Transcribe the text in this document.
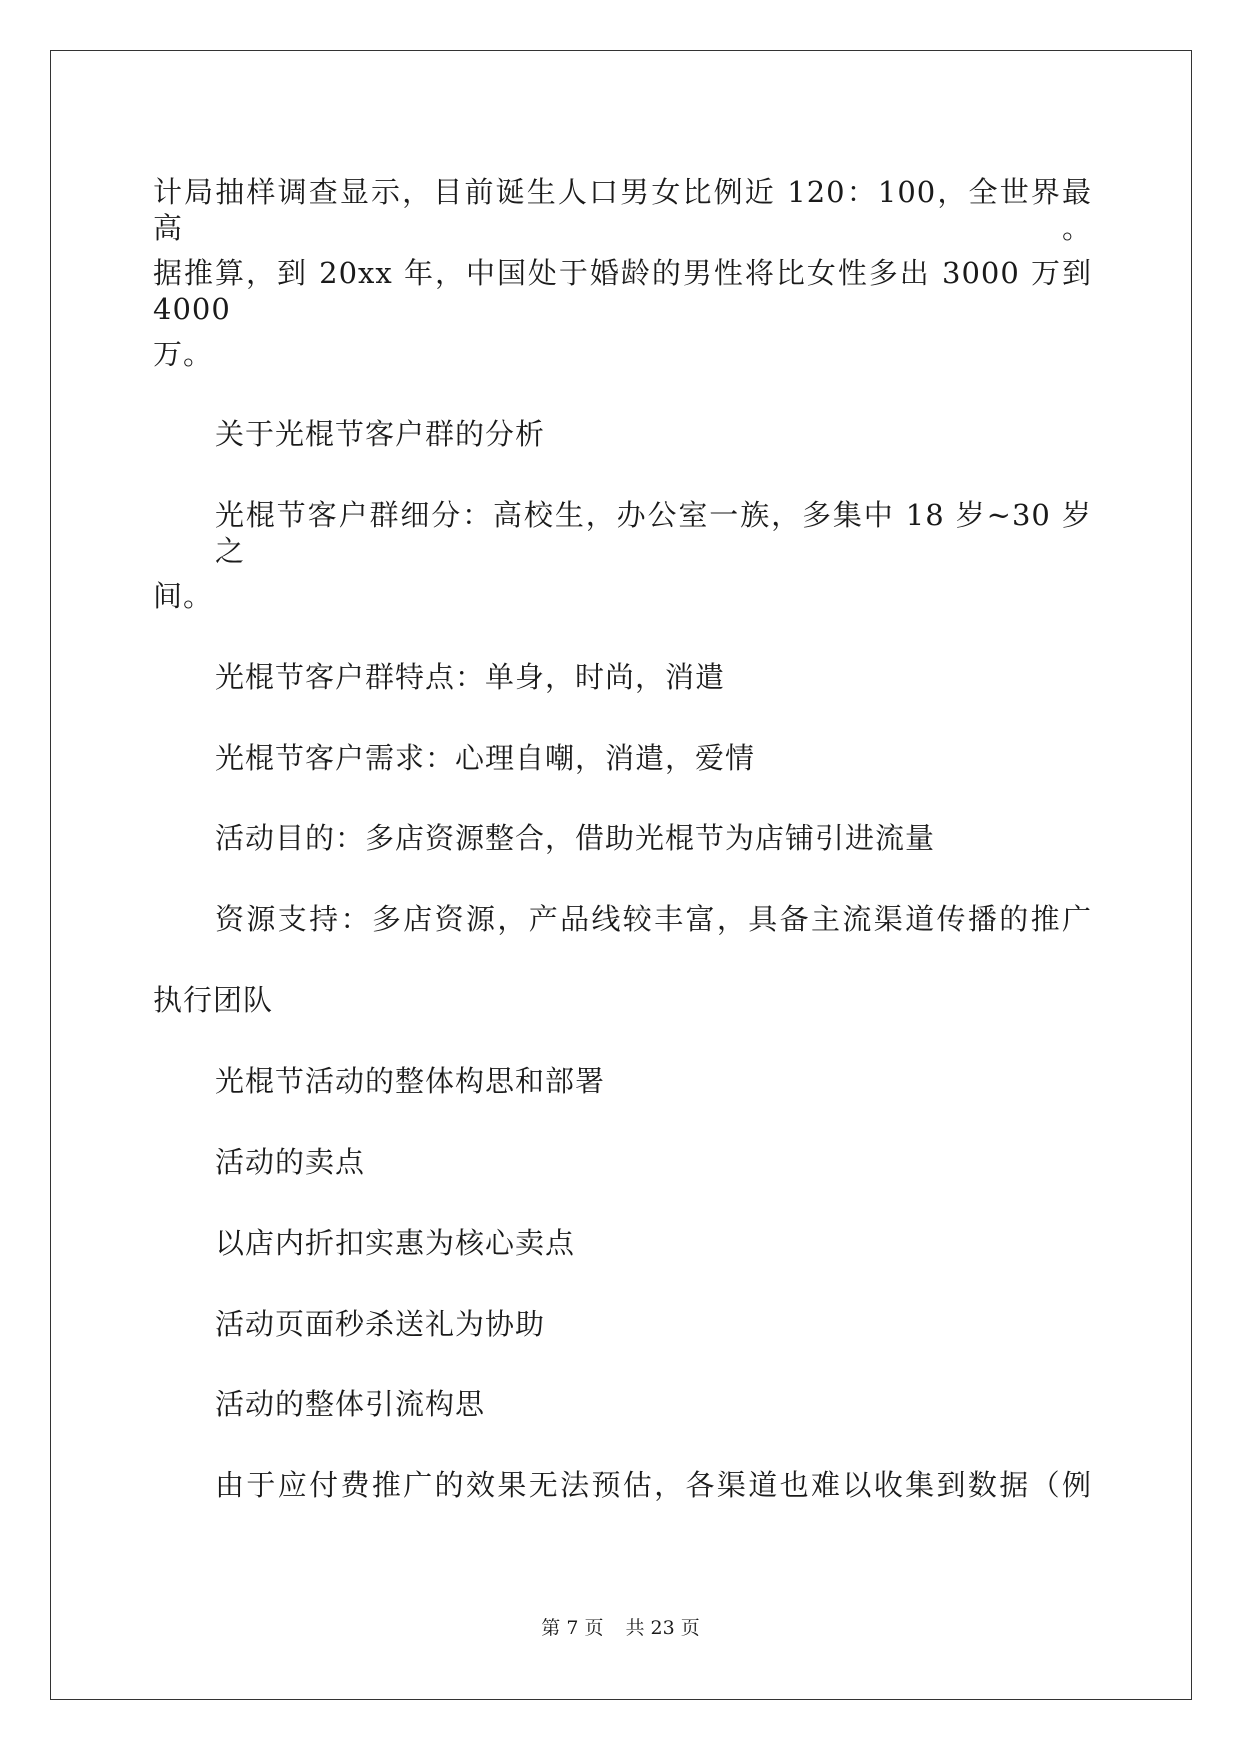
计局抽样调查显示，目前诞生人口男女比例近 120：100，全世界最高。
据推算，到 20xx 年，中国处于婚龄的男性将比女性多出 3000 万到 4000
万。
关于光棍节客户群的分析
光棍节客户群细分：高校生，办公室一族，多集中 18 岁~30 岁之
间。
光棍节客户群特点：单身，时尚，消遣
光棍节客户需求：心理自嘲，消遣，爱情
活动目的：多店资源整合，借助光棍节为店铺引进流量
资源支持：多店资源，产品线较丰富，具备主流渠道传播的推广
执行团队
光棍节活动的整体构思和部署
活动的卖点
以店内折扣实惠为核心卖点
活动页面秒杀送礼为协助
活动的整体引流构思
由于应付费推广的效果无法预估，各渠道也难以收集到数据（例
第 7 页 共 23 页
